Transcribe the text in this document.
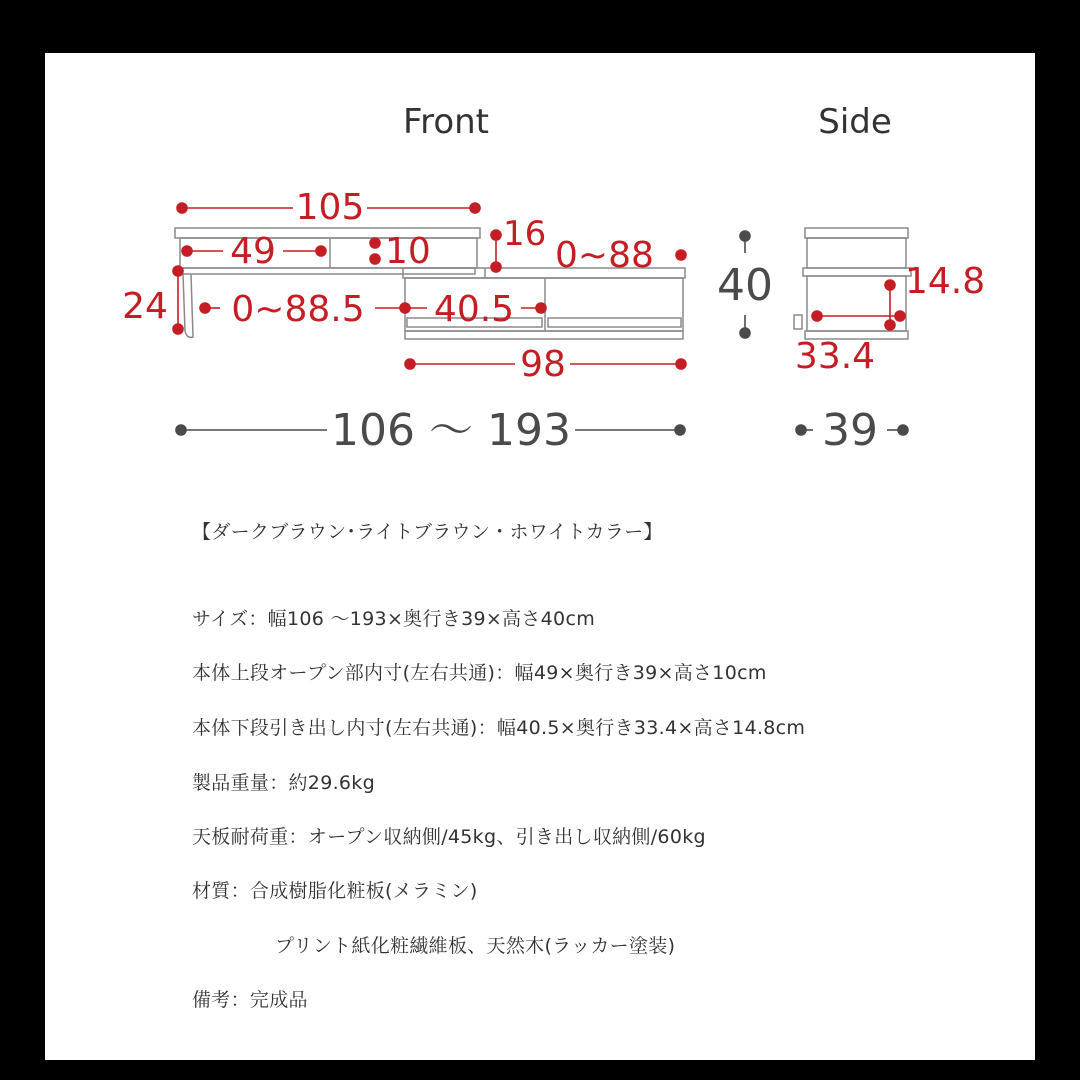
Front	Side
105
49	10 16
0~88
24 0~88.5 40.5
98
14.8
33.4
106 〜 193
40
39

【ダークブラウン･ライトブラウン・ホワイトカラー】

サイズ：幅106 〜193×奥行き39×高さ40cm

本体上段オープン部内寸(左右共通)：幅49×奥行き39×高さ10cm

本体下段引き出し内寸(左右共通)：幅40.5×奥行き33.4×高さ14.8cm

製品重量：約29.6kg

天板耐荷重：オープン収納側/45kg、引き出し収納側/60kg

材質：合成樹脂化粧板(メラミン)

プリント紙化粧繊維板、天然木(ラッカー塗装)

備考：完成品
